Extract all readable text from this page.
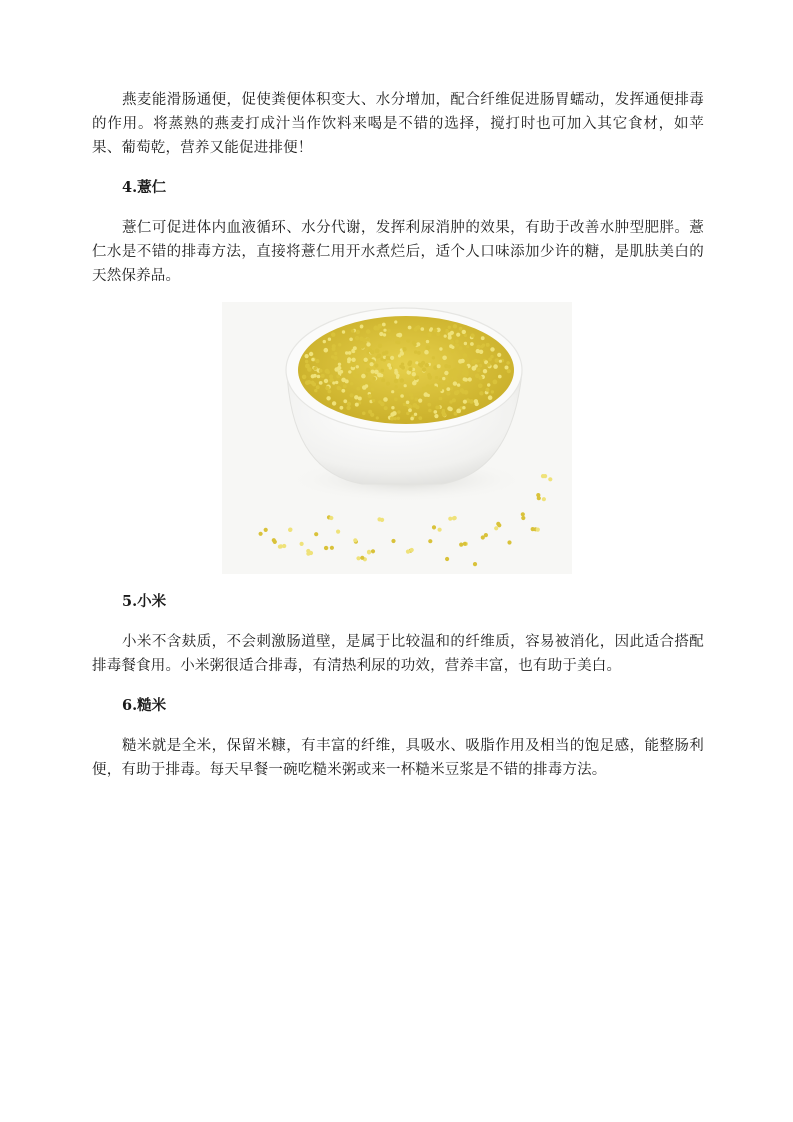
燕麦能滑肠通便，促使粪便体积变大、水分增加，配合纤维促进肠胃蠕动，发挥通便排毒的作用。将蒸熟的燕麦打成汁当作饮料来喝是不错的选择，搅打时也可加入其它食材，如苹果、葡萄乾，营养又能促进排便！

4.薏仁

薏仁可促进体内血液循环、水分代谢，发挥利尿消肿的效果，有助于改善水肿型肥胖。薏仁水是不错的排毒方法，直接将薏仁用开水煮烂后，适个人口味添加少许的糖，是肌肤美白的天然保养品。

5.小米

小米不含麸质，不会刺激肠道壁，是属于比较温和的纤维质，容易被消化，因此适合搭配排毒餐食用。小米粥很适合排毒，有清热利尿的功效，营养丰富，也有助于美白。

6.糙米

糙米就是全米，保留米糠，有丰富的纤维，具吸水、吸脂作用及相当的饱足感，能整肠利便，有助于排毒。每天早餐一碗吃糙米粥或来一杯糙米豆浆是不错的排毒方法。
